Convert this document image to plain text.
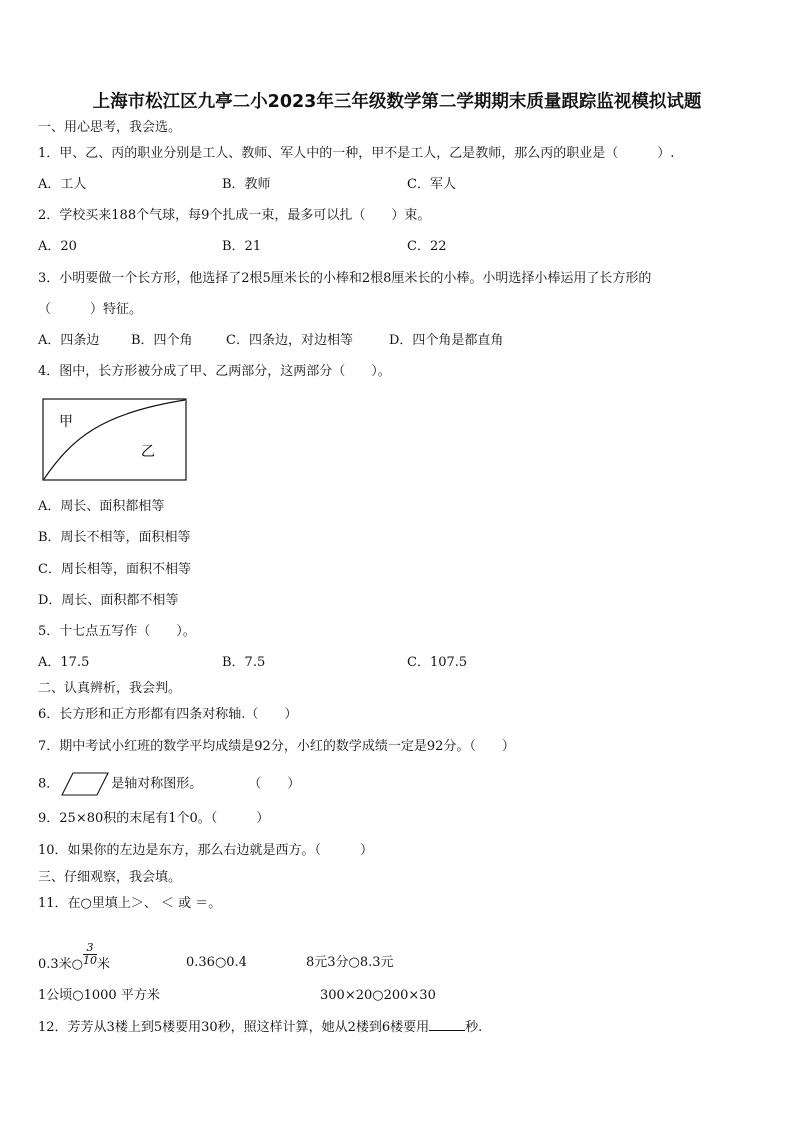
上海市松江区九亭二小2023年三年级数学第二学期期末质量跟踪监视模拟试题
一、用心思考，我会选。
1．甲、乙、丙的职业分别是工人、教师、军人中的一种，甲不是工人，乙是教师，那么丙的职业是（　　　）.
A．工人	B．教师	C．军人
2．学校买来188个气球，每9个扎成一束，最多可以扎（　　）束。
A．20	B．21	C．22
3．小明要做一个长方形，他选择了2根5厘米长的小棒和2根8厘米长的小棒。小明选择小棒运用了长方形的
（　　　）特征。
A．四条边 B．四个角	C．四条边，对边相等	D．四个角是都直角
4．图中，长方形被分成了甲、乙两部分，这两部分（　　）。
甲
乙
A．周长、面积都相等
B．周长不相等，面积相等
C．周长相等，面积不相等
D．周长、面积都不相等
5．十七点五写作（　　）。
A．17.5	B．7.5	C．107.5
二、认真辨析，我会判。
6．长方形和正方形都有四条对称轴.（　　）
7．期中考试小红班的数学平均成绩是92分，小红的数学成绩一定是92分。（　　）
8．	是轴对称图形。	（　　）
9．25×80积的末尾有1个0。（　　　）
10．如果你的左边是东方，那么右边就是西方。（　　　）
三、仔细观察，我会填。
11．在○里填上＞、 ＜ 或 ＝。
0.3米○ $\frac{3}{10}$ 米	0.36○0.4	8元3分○8.3元
1公顷○1000 平方米	300×20○200×30
12．芳芳从3楼上到5楼要用30秒，照这样计算，她从2楼到6楼要用	秒.
